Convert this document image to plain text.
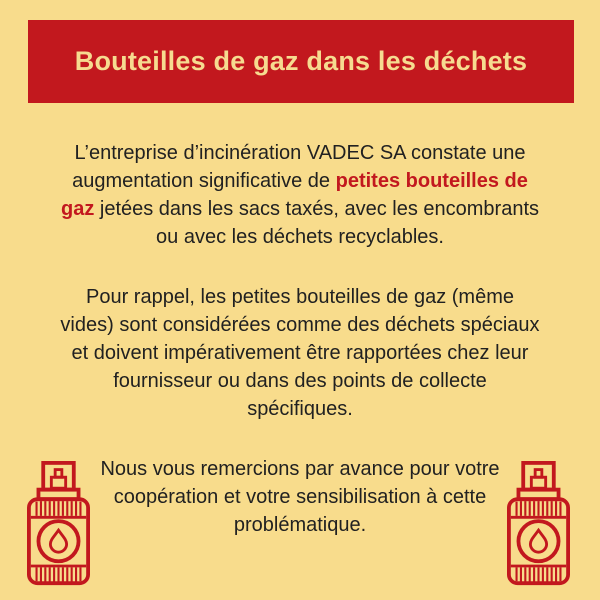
Bouteilles de gaz dans les déchets

L’entreprise d’incinération VADEC SA constate une
augmentation significative de petites bouteilles de
gaz jetées dans les sacs taxés, avec les encombrants
ou avec les déchets recyclables.

Pour rappel, les petites bouteilles de gaz (même
vides) sont considérées comme des déchets spéciaux
et doivent impérativement être rapportées chez leur
fournisseur ou dans des points de collecte
spécifiques.

Nous vous remercions par avance pour votre
coopération et votre sensibilisation à cette
problématique.
